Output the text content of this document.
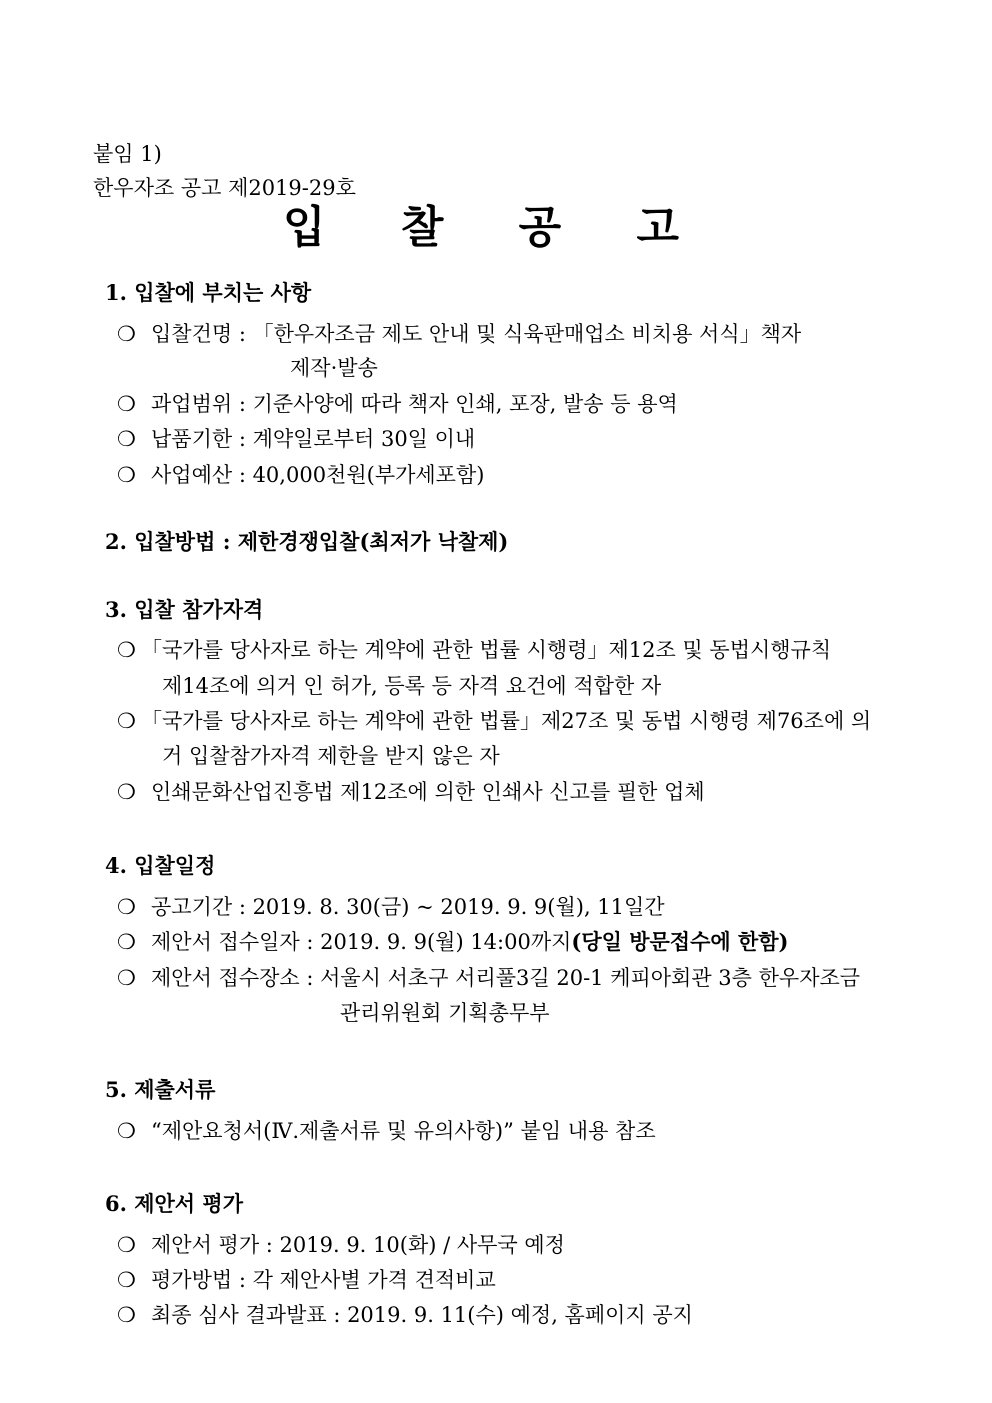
붙임 1)
한우자조 공고 제2019-29호
입 찰 공 고
1. 입찰에 부치는 사항
❍ 입찰건명 : 「한우자조금 제도 안내 및 식육판매업소 비치용 서식」책자
제작·발송
❍ 과업범위 : 기준사양에 따라 책자 인쇄, 포장, 발송 등 용역
❍ 납품기한 : 계약일로부터 30일 이내
❍ 사업예산 : 40,000천원(부가세포함)
2. 입찰방법 : 제한경쟁입찰(최저가 낙찰제)
3. 입찰 참가자격
❍ 「국가를 당사자로 하는 계약에 관한 법률 시행령」제12조 및 동법시행규칙
제14조에 의거 인 허가, 등록 등 자격 요건에 적합한 자
❍ 「국가를 당사자로 하는 계약에 관한 법률」제27조 및 동법 시행령 제76조에 의
거 입찰참가자격 제한을 받지 않은 자
❍ 인쇄문화산업진흥법 제12조에 의한 인쇄사 신고를 필한 업체
4. 입찰일정
❍ 공고기간 : 2019. 8. 30(금) ~ 2019. 9. 9(월), 11일간
❍ 제안서 접수일자 : 2019. 9. 9(월) 14:00까지(당일 방문접수에 한함)
❍ 제안서 접수장소 : 서울시 서초구 서리풀3길 20-1 케피아회관 3층 한우자조금
관리위원회 기획총무부
5. 제출서류
❍ “제안요청서(Ⅳ.제출서류 및 유의사항)” 붙임 내용 참조
6. 제안서 평가
❍ 제안서 평가 : 2019. 9. 10(화) / 사무국 예정
❍ 평가방법 : 각 제안사별 가격 견적비교
❍ 최종 심사 결과발표 : 2019. 9. 11(수) 예정, 홈페이지 공지
